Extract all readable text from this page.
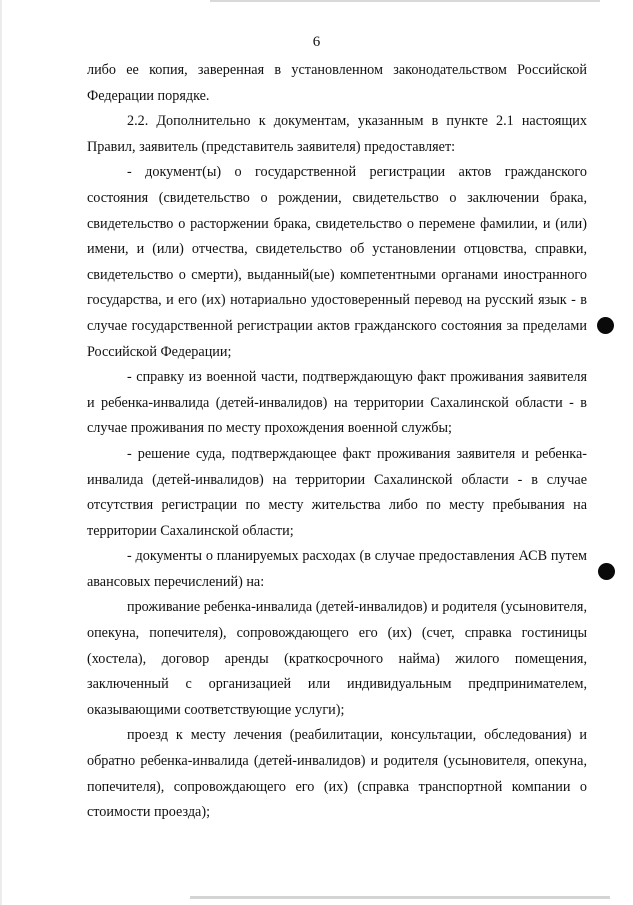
6

либо ее копия, заверенная в установленном законодательством Российской Федерации порядке.

2.2. Дополнительно к документам, указанным в пункте 2.1 настоящих Правил, заявитель (представитель заявителя) предоставляет:

- документ(ы) о государственной регистрации актов гражданского состояния (свидетельство о рождении, свидетельство о заключении брака, свидетельство о расторжении брака, свидетельство о перемене фамилии, и (или) имени, и (или) отчества, свидетельство об установлении отцовства, справки, свидетельство о смерти), выданный(ые) компетентными органами иностранного государства, и его (их) нотариально удостоверенный перевод на русский язык - в случае государственной регистрации актов гражданского состояния за пределами Российской Федерации;

- справку из военной части, подтверждающую факт проживания заявителя и ребенка-инвалида (детей-инвалидов) на территории Сахалинской области - в случае проживания по месту прохождения военной службы;

- решение суда, подтверждающее факт проживания заявителя и ребенка-инвалида (детей-инвалидов) на территории Сахалинской области - в случае отсутствия регистрации по месту жительства либо по месту пребывания на территории Сахалинской области;

- документы о планируемых расходах (в случае предоставления АСВ путем авансовых перечислений) на:

проживание ребенка-инвалида (детей-инвалидов) и родителя (усыновителя, опекуна, попечителя), сопровождающего его (их) (счет, справка гостиницы (хостела), договор аренды (краткосрочного найма) жилого помещения, заключенный с организацией или индивидуальным предпринимателем, оказывающими соответствующие услуги);

проезд к месту лечения (реабилитации, консультации, обследования) и обратно ребенка-инвалида (детей-инвалидов) и родителя (усыновителя, опекуна, попечителя), сопровождающего его (их) (справка транспортной компании о стоимости проезда);
